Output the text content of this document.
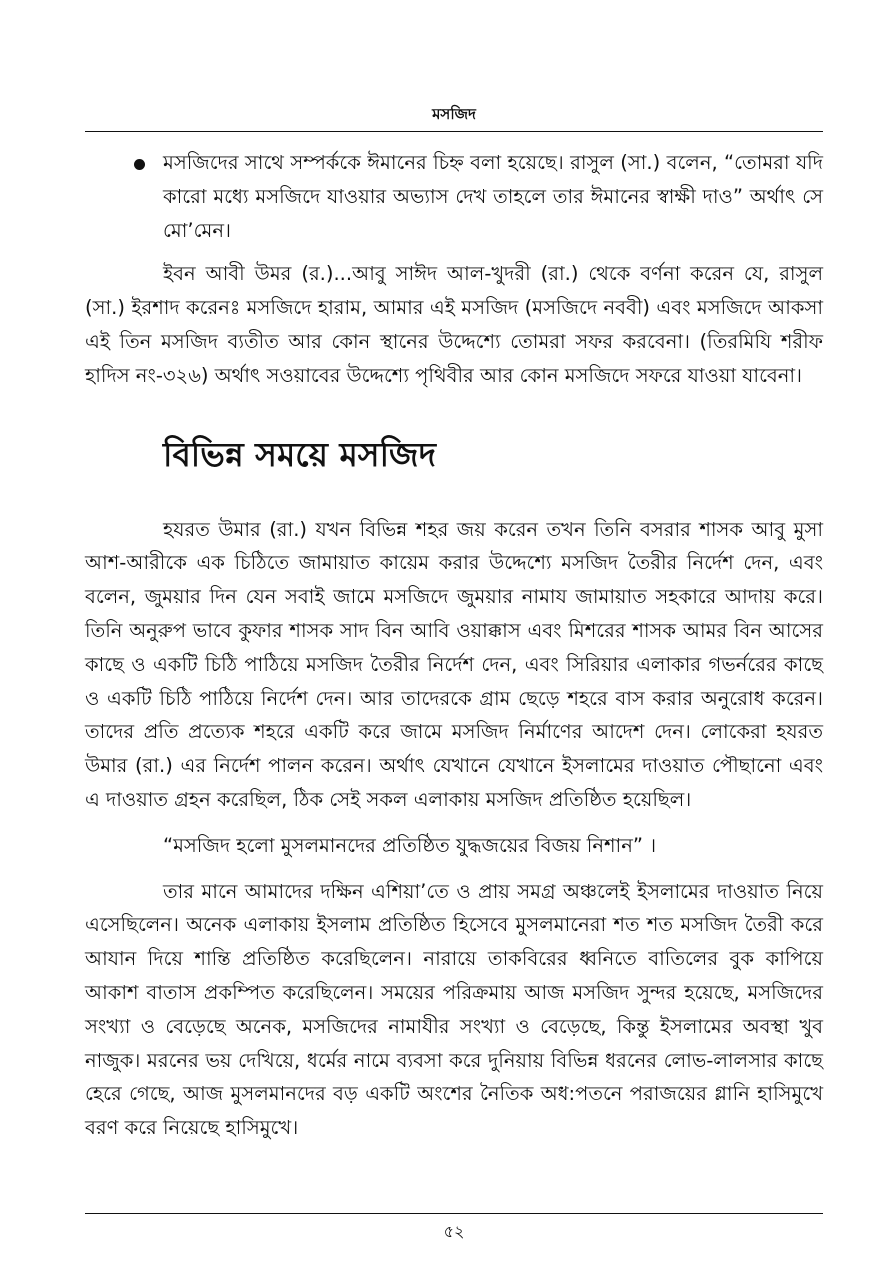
মসজিদ
মসজিদের সাথে সম্পর্ককে ঈমানের চিহ্ন বলা হয়েছে। রাসুল (সা.) বলেন, “তোমরা যদি কারো মধ্যে মসজিদে যাওয়ার অভ্যাস দেখ তাহলে তার ঈমানের স্বাক্ষী দাও” অর্থাৎ সে মো’মেন।

ইবন আবী উমর (র.)...আবু সাঈদ আল-খুদরী (রা.) থেকে বর্ণনা করেন যে, রাসুল (সা.) ইরশাদ করেনঃ মসজিদে হারাম, আমার এই মসজিদ (মসজিদে নববী) এবং মসজিদে আকসা এই তিন মসজিদ ব্যতীত আর কোন স্থানের উদ্দেশ্যে তোমরা সফর করবেনা। (তিরমিযি শরীফ হাদিস নং-৩২৬) অর্থাৎ সওয়াবের উদ্দেশ্যে পৃথিবীর আর কোন মসজিদে সফরে যাওয়া যাবেনা।

বিভিন্ন সময়ে মসজিদ

হযরত উমার (রা.) যখন বিভিন্ন শহর জয় করেন তখন তিনি বসরার শাসক আবু মুসা আশ-আরীকে এক চিঠিতে জামায়াত কায়েম করার উদ্দেশ্যে মসজিদ তৈরীর নির্দেশ দেন, এবং বলেন, জুময়ার দিন যেন সবাই জামে মসজিদে জুময়ার নামায জামায়াত সহকারে আদায় করে। তিনি অনুরুপ ভাবে কুফার শাসক সাদ বিন আবি ওয়াক্কাস এবং মিশরের শাসক আমর বিন আসের কাছে ও একটি চিঠি পাঠিয়ে মসজিদ তৈরীর নির্দেশ দেন, এবং সিরিয়ার এলাকার গভর্নরের কাছে ও একটি চিঠি পাঠিয়ে নির্দেশ দেন। আর তাদেরকে গ্রাম ছেড়ে শহরে বাস করার অনুরোধ করেন। তাদের প্রতি প্রত্যেক শহরে একটি করে জামে মসজিদ নির্মাণের আদেশ দেন। লোকেরা হযরত উমার (রা.) এর নির্দেশ পালন করেন। অর্থাৎ যেখানে যেখানে ইসলামের দাওয়াত পৌছানো এবং এ দাওয়াত গ্রহন করেছিল, ঠিক সেই সকল এলাকায় মসজিদ প্রতিষ্ঠিত হয়েছিল।

“মসজিদ হলো মুসলমানদের প্রতিষ্ঠিত যুদ্ধজয়ের বিজয় নিশান” ।

তার মানে আমাদের দক্ষিন এশিয়া’তে ও প্রায় সমগ্র অঞ্চলেই ইসলামের দাওয়াত নিয়ে এসেছিলেন। অনেক এলাকায় ইসলাম প্রতিষ্ঠিত হিসেবে মুসলমানেরা শত শত মসজিদ তৈরী করে আযান দিয়ে শান্তি প্রতিষ্ঠিত করেছিলেন। নারায়ে তাকবিরের ধ্বনিতে বাতিলের বুক কাপিয়ে আকাশ বাতাস প্রকম্পিত করেছিলেন। সময়ের পরিক্রমায় আজ মসজিদ সুন্দর হয়েছে, মসজিদের সংখ্যা ও বেড়েছে অনেক, মসজিদের নামাযীর সংখ্যা ও বেড়েছে, কিন্তু ইসলামের অবস্থা খুব নাজুক। মরনের ভয় দেখিয়ে, ধর্মের নামে ব্যবসা করে দুনিয়ায় বিভিন্ন ধরনের লোভ-লালসার কাছে হেরে গেছে, আজ মুসলমানদের বড় একটি অংশের নৈতিক অধ:পতনে পরাজয়ের গ্লানি হাসিমুখে বরণ করে নিয়েছে হাসিমুখে।

৫২
